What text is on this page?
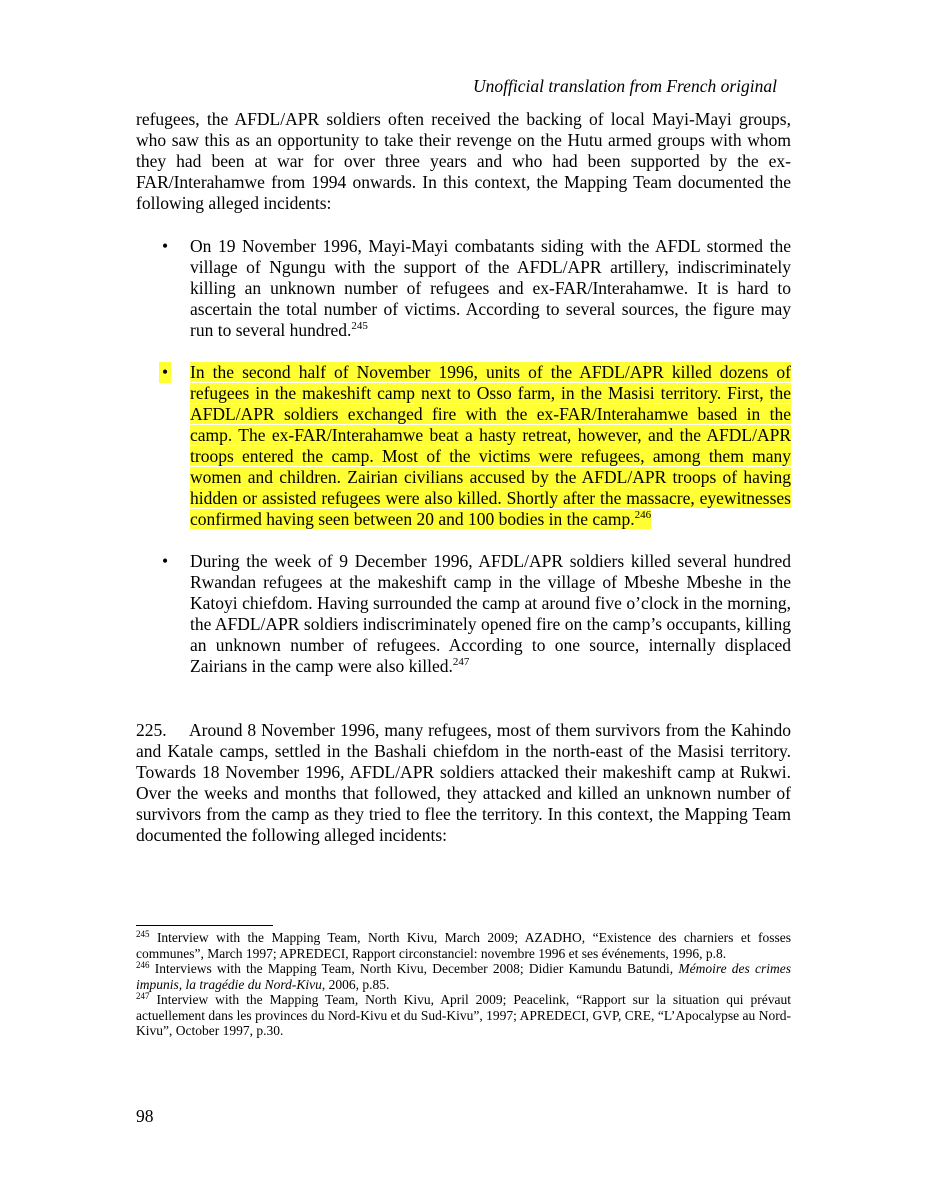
Unofficial translation from French original

refugees, the AFDL/APR soldiers often received the backing of local Mayi-Mayi groups, who saw this as an opportunity to take their revenge on the Hutu armed groups with whom they had been at war for over three years and who had been supported by the ex-FAR/Interahamwe from 1994 onwards. In this context, the Mapping Team documented the following alleged incidents:

• On 19 November 1996, Mayi-Mayi combatants siding with the AFDL stormed the village of Ngungu with the support of the AFDL/APR artillery, indiscriminately killing an unknown number of refugees and ex-FAR/Interahamwe. It is hard to ascertain the total number of victims. According to several sources, the figure may run to several hundred.$^{245}$

• In the second half of November 1996, units of the AFDL/APR killed dozens of refugees in the makeshift camp next to Osso farm, in the Masisi territory. First, the AFDL/APR soldiers exchanged fire with the ex-FAR/Interahamwe based in the camp. The ex-FAR/Interahamwe beat a hasty retreat, however, and the AFDL/APR troops entered the camp. Most of the victims were refugees, among them many women and children. Zairian civilians accused by the AFDL/APR troops of having hidden or assisted refugees were also killed. Shortly after the massacre, eyewitnesses confirmed having seen between 20 and 100 bodies in the camp.$^{246}$

• During the week of 9 December 1996, AFDL/APR soldiers killed several hundred Rwandan refugees at the makeshift camp in the village of Mbeshe Mbeshe in the Katoyi chiefdom. Having surrounded the camp at around five o’clock in the morning, the AFDL/APR soldiers indiscriminately opened fire on the camp’s occupants, killing an unknown number of refugees. According to one source, internally displaced Zairians in the camp were also killed.$^{247}$

225. Around 8 November 1996, many refugees, most of them survivors from the Kahindo and Katale camps, settled in the Bashali chiefdom in the north-east of the Masisi territory. Towards 18 November 1996, AFDL/APR soldiers attacked their makeshift camp at Rukwi. Over the weeks and months that followed, they attacked and killed an unknown number of survivors from the camp as they tried to flee the territory. In this context, the Mapping Team documented the following alleged incidents:

$^{245}$ Interview with the Mapping Team, North Kivu, March 2009; AZADHO, “Existence des charniers et fosses communes”, March 1997; APREDECI, Rapport circonstanciel: novembre 1996 et ses événements, 1996, p.8.

$^{246}$ Interviews with the Mapping Team, North Kivu, December 2008; Didier Kamundu Batundi, Mémoire des crimes impunis, la tragédie du Nord-Kivu, 2006, p.85.

$^{247}$ Interview with the Mapping Team, North Kivu, April 2009; Peacelink, “Rapport sur la situation qui prévaut actuellement dans les provinces du Nord-Kivu et du Sud-Kivu”, 1997; APREDECI, GVP, CRE, “L’Apocalypse au Nord-Kivu”, October 1997, p.30.

98
